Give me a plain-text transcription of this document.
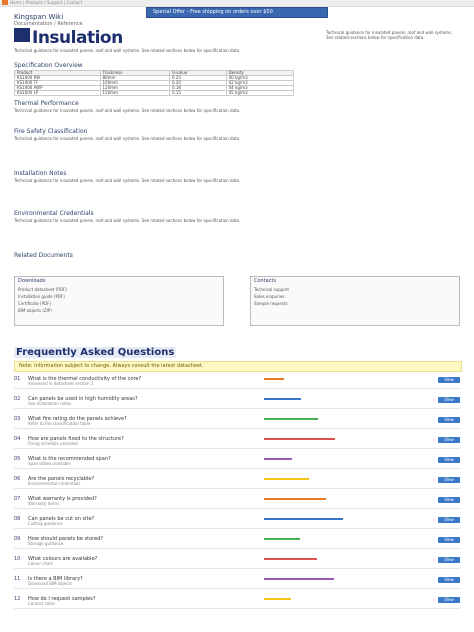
Home | Products | Support | Contact
Special Offer - Free shipping on orders over $50
Kingspan Wiki
Documentation / Reference
Insulation	Technical guidance for insulated panels, roof and wall systems. See related sections below for specification data.
Technical guidance for insulated panels, roof and wall systems. See related sections below for specification data.
Specification Overview
Product	Thickness	U-value	Density
KS1000 RW	80mm	0.25	40 kg/m3
KS1000 TF	100mm	0.20	42 kg/m3
KS1000 AWP	120mm	0.18	44 kg/m3
KS1000 LP	150mm	0.15	45 kg/m3
Thermal Performance
Technical guidance for insulated panels, roof and wall systems. See related sections below for specification data.
Fire Safety Classification
Technical guidance for insulated panels, roof and wall systems. See related sections below for specification data.
Installation Notes
Technical guidance for insulated panels, roof and wall systems. See related sections below for specification data.
Environmental Credentials
Technical guidance for insulated panels, roof and wall systems. See related sections below for specification data.
Related Documents
Downloads
Product datasheet (PDF)
Installation guide (PDF)
Certificate (PDF)
BIM objects (ZIP)
Contacts
Technical support
Sales enquiries
Sample requests
Frequently Asked Questions
Note: Information subject to change. Always consult the latest datasheet.
01 What is the thermal conductivity of the core?
Answered in datasheet section 3
View
02 Can panels be used in high humidity areas?
See installation notes
View
03 What fire rating do the panels achieve?
Refer to fire classification table
View
04 How are panels fixed to the structure?
Fixing schedule provided
View
05 What is the recommended span?
Span tables available
View
06 Are the panels recyclable?
Environmental credentials
View
07 What warranty is provided?
Warranty terms
View
08 Can panels be cut on site?
Cutting guidance
View
09 How should panels be stored?
Storage guidance
View
10 What colours are available?
Colour chart
View
11 Is there a BIM library?
Download BIM objects
View
12 How do I request samples?
Contact sales
View
